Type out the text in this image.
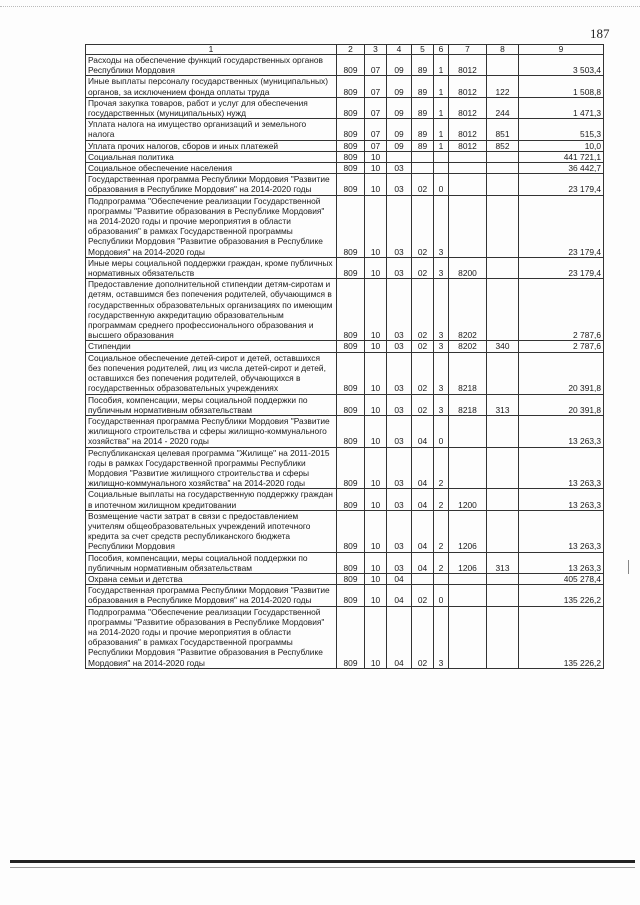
187
1	2	3	4	5	6	7	8	9
Расходы на обеспечение функций государственных органов Республики Мордовия	809	07	09	89	1	8012		3 503,4
Иные выплаты персоналу государственных (муниципальных) органов, за исключением фонда оплаты труда	809	07	09	89	1	8012	122	1 508,8
Прочая закупка товаров, работ и услуг для обеспечения государственных (муниципальных) нужд	809	07	09	89	1	8012	244	1 471,3
Уплата налога на имущество организаций и земельного налога	809	07	09	89	1	8012	851	515,3
Уплата прочих налогов, сборов и иных платежей	809	07	09	89	1	8012	852	10,0
Социальная политика	809	10						441 721,1
Социальное обеспечение населения	809	10	03					36 442,7
Государственная программа Республики Мордовия "Развитие образования в Республике Мордовия" на 2014-2020 годы	809	10	03	02	0			23 179,4
Подпрограмма "Обеспечение реализации Государственной программы "Развитие образования в Республике Мордовия" на 2014-2020 годы и прочие мероприятия в области образования" в рамках Государственной программы Республики Мордовия "Развитие образования в Республике Мордовия" на 2014-2020 годы	809	10	03	02	3			23 179,4
Иные меры социальной поддержки граждан, кроме публичных нормативных обязательств	809	10	03	02	3	8200		23 179,4
Предоставление дополнительной стипендии детям-сиротам и детям, оставшимся без попечения родителей, обучающимся в государственных образовательных организациях по имеющим государственную аккредитацию образовательным программам среднего профессионального образования и высшего образования	809	10	03	02	3	8202		2 787,6
Стипендии	809	10	03	02	3	8202	340	2 787,6
Социальное обеспечение детей-сирот и детей, оставшихся без попечения родителей, лиц из числа детей-сирот и детей, оставшихся без попечения родителей, обучающихся в государственных образовательных учреждениях	809	10	03	02	3	8218		20 391,8
Пособия, компенсации, меры социальной поддержки по публичным нормативным обязательствам	809	10	03	02	3	8218	313	20 391,8
Государственная программа Республики Мордовия "Развитие жилищного строительства и сферы жилищно-коммунального хозяйства" на 2014 - 2020 годы	809	10	03	04	0			13 263,3
Республиканская целевая программа "Жилище" на 2011-2015 годы в рамках Государственной программы Республики Мордовия "Развитие жилищного строительства и сферы жилищно-коммунального хозяйства" на 2014-2020 годы	809	10	03	04	2			13 263,3
Социальные выплаты на государственную поддержку граждан в ипотечном жилищном кредитовании	809	10	03	04	2	1200		13 263,3
Возмещение части затрат в связи с предоставлением учителям общеобразовательных учреждений ипотечного кредита за счет средств республиканского бюджета Республики Мордовия	809	10	03	04	2	1206		13 263,3
Пособия, компенсации, меры социальной поддержки по публичным нормативным обязательствам	809	10	03	04	2	1206	313	13 263,3
Охрана семьи и детства	809	10	04					405 278,4
Государственная программа Республики Мордовия "Развитие образования в Республике Мордовия" на 2014-2020 годы	809	10	04	02	0			135 226,2
Подпрограмма "Обеспечение реализации Государственной программы "Развитие образования в Республике Мордовия" на 2014-2020 годы и прочие мероприятия в области образования" в рамках Государственной программы Республики Мордовия "Развитие образования в Республике Мордовия" на 2014-2020 годы	809	10	04	02	3			135 226,2
